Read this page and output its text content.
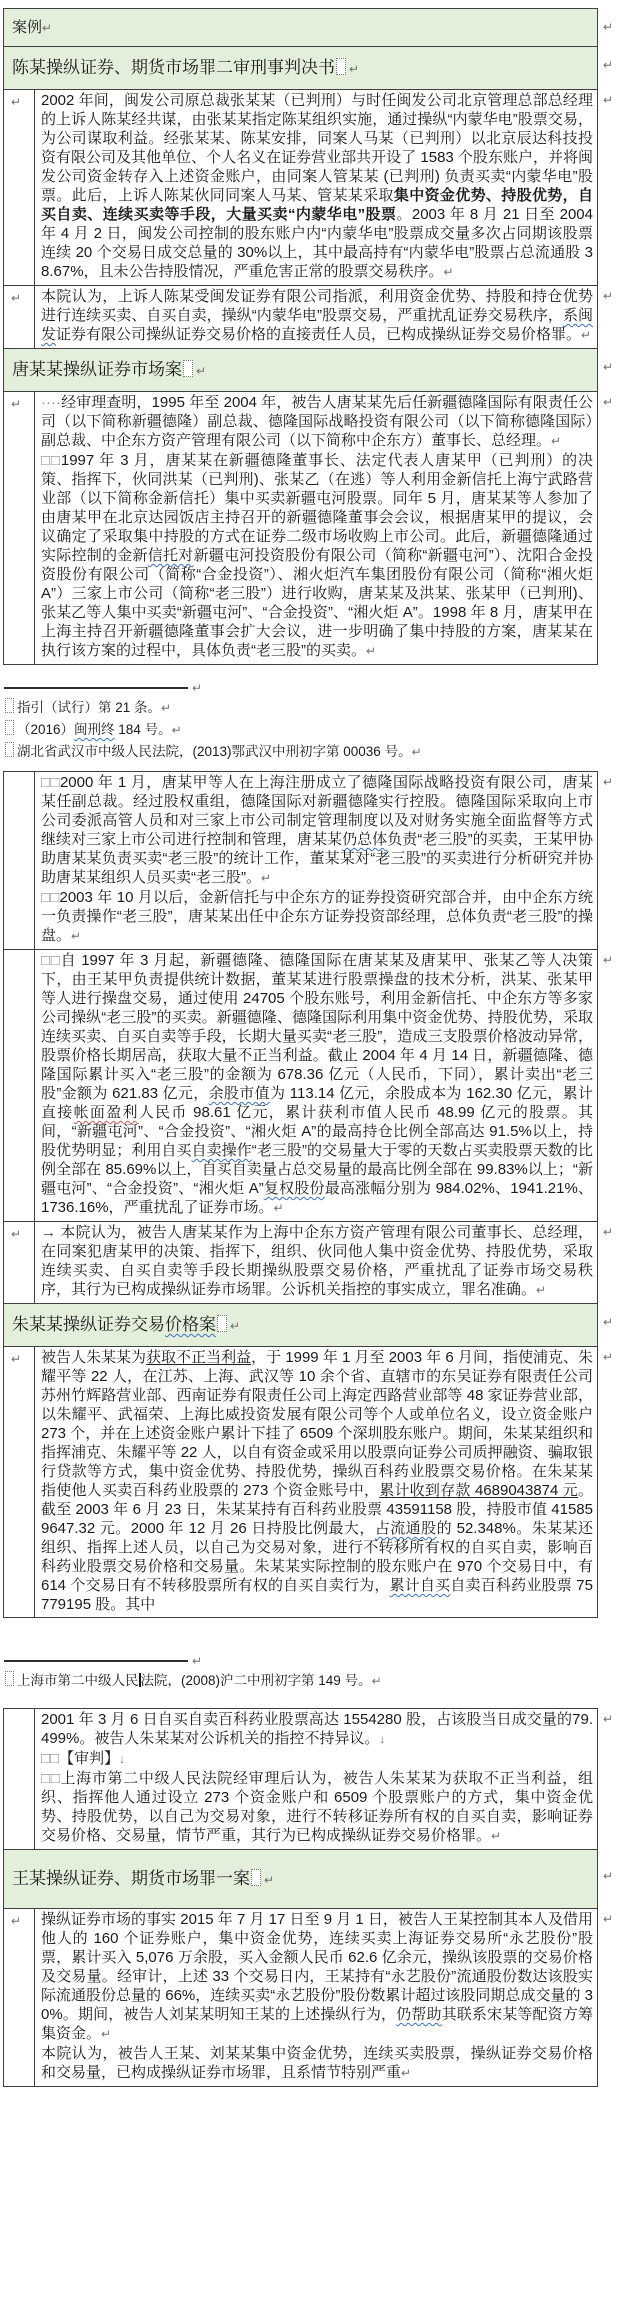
案例↵	↵
陈某操纵证券、期货市场罪二审刑事判决书 ↵	↵
↵	2002 年间，闽发公司原总裁张某某（已判刑）与时任闽发公司北京管理总部总经理的上诉人陈某经共谋，由张某某指定陈某组织实施，通过操纵“内蒙华电”股票交易，为公司谋取利益。经张某某、陈某安排，同案人马某（已判刑）以北京辰达科技投资有限公司及其他单位、个人名义在证券营业部共开设了 1583 个股东账户，并将闽发公司资金转存入上述资金账户，由同案人管某某 (已判刑) 负责买卖“内蒙华电”股票。此后，上诉人陈某伙同同案人马某、管某某采取集中资金优势、持股优势，自买自卖、连续买卖等手段，大量买卖“内蒙华电”股票。2003 年 8 月 21 日至 2004 年 4 月 2 日，闽发公司控制的股东账户内“内蒙华电”股票成交量多次占同期该股票连续 20 个交易日成交总量的 30%以上，其中最高持有“内蒙华电”股票占总流通股 38.67%，且未公告持股情况，严重危害正常的股票交易秩序。↵
↵
↵	本院认为，上诉人陈某受闽发证券有限公司指派，利用资金优势、持股和持仓优势进行连续买卖、自买自卖，操纵“内蒙华电”股票交易，严重扰乱证券交易秩序，系闽发证券有限公司操纵证券交易价格的直接责任人员，已构成操纵证券交易价格罪。↵
↵
唐某某操纵证券市场案 ↵	↵
↵	····经审理查明，1995 年至 2004 年，被告人唐某某先后任新疆德隆国际有限责任公司（以下简称新疆德隆）副总裁、德隆国际战略投资有限公司（以下简称德隆国际）副总裁、中企东方资产管理有限公司（以下简称中企东方）董事长、总经理。↵
□□1997 年 3 月，唐某某在新疆德隆董事长、法定代表人唐某甲（已判刑）的决策、指挥下，伙同洪某（已判刑)、张某乙（在逃）等人利用金新信托上海宁武路营业部（以下简称金新信托）集中买卖新疆屯河股票。同年 5 月，唐某某等人参加了由唐某甲在北京达园饭店主持召开的新疆德隆董事会会议，根据唐某甲的提议，会议确定了采取集中持股的方式在证券二级市场收购上市公司。此后，新疆德隆通过实际控制的金新信托对新疆屯河投资股份有限公司（简称“新疆屯河”）、沈阳合金投资股份有限公司（简称“合金投资”）、湘火炬汽车集团股份有限公司（简称“湘火炬 A”）三家上市公司（简称“老三股”）进行收购，唐某某及洪某、张某甲（已判刑)、张某乙等人集中买卖“新疆屯河”、“合金投资”、“湘火炬 A”。1998 年 8 月，唐某甲在上海主持召开新疆德隆董事会扩大会议，进一步明确了集中持股的方案，唐某某在执行该方案的过程中，具体负责“老三股”的买卖。↵
↵
↵
指引（试行）第 21 条。↵
（2016）闽刑终 184 号。↵
湖北省武汉市中级人民法院，(2013)鄂武汉中刑初字第 00036 号。↵
□□2000 年 1 月，唐某甲等人在上海注册成立了德隆国际战略投资有限公司，唐某某任副总裁。经过股权重组，德隆国际对新疆德隆实行控股。德隆国际采取向上市公司委派高管人员和对三家上市公司制定管理制度以及对财务实施全面监督等方式继续对三家上市公司进行控制和管理，唐某某仍总体负责“老三股”的买卖，王某甲协助唐某某负责买卖“老三股”的统计工作，董某某对“老三股”的买卖进行分析研究并协助唐某某组织人员买卖“老三股”。↵
□□2003 年 10 月以后，金新信托与中企东方的证券投资研究部合并，由中企东方统一负责操作“老三股”，唐某某出任中企东方证券投资部经理，总体负责“老三股”的操盘。↵
↵
□□自 1997 年 3 月起，新疆德隆、德隆国际在唐某某及唐某甲、张某乙等人决策下，由王某甲负责提供统计数据，董某某进行股票操盘的技术分析，洪某、张某甲等人进行操盘交易，通过使用 24705 个股东账号，利用金新信托、中企东方等多家公司操纵“老三股”的买卖。新疆德隆、德隆国际利用集中资金优势、持股优势，采取连续买卖、自买自卖等手段，长期大量买卖“老三股”，造成三支股票价格波动异常，股票价格长期居高，获取大量不正当利益。截止 2004 年 4 月 14 日，新疆德隆、德隆国际累计买入“老三股”的金额为 678.36 亿元（人民币，下同），累计卖出“老三股”金额为 621.83 亿元，余股市值为 113.14 亿元，余股成本为 162.30 亿元，累计直接帐面盈利人民币 98.61 亿元，累计获利市值人民币 48.99 亿元的股票。其间，“新疆屯河”、“合金投资”、“湘火炬 A”的最高持仓比例全部高达 91.5%以上，持股优势明显；利用自买自卖操作“老三股”的交易量大于零的天数占买卖股票天数的比例全部在 85.69%以上，自买自卖量占总交易量的最高比例全部在 99.83%以上；“新疆屯河”、“合金投资”、“湘火炬 A”复权股份最高涨幅分别为 984.02%、1941.21%、1736.16%，严重扰乱了证券市场。↵
↵
↵	→ 本院认为，被告人唐某某作为上海中企东方资产管理有限公司董事长、总经理，在同案犯唐某甲的决策、指挥下，组织、伙同他人集中资金优势、持股优势，采取连续买卖、自买自卖等手段长期操纵股票交易价格，严重扰乱了证券市场交易秩序，其行为已构成操纵证券市场罪。公诉机关指控的事实成立，罪名准确。↵
↵
朱某某操纵证券交易价格案 ↵	↵
↵	被告人朱某某为获取不正当利益，于 1999 年 1 月至 2003 年 6 月间，指使浦克、朱耀平等 22 人，在江苏、上海、武汉等 10 余个省、直辖市的东吴证券有限责任公司苏州竹辉路营业部、西南证券有限责任公司上海定西路营业部等 48 家证券营业部，以朱耀平、武福荣、上海比威投资发展有限公司等个人或单位名义，设立资金账户 273 个，并在上述资金账户累计下挂了 6509 个深圳股东账户。期间，朱某某组织和指挥浦克、朱耀平等 22 人，以自有资金或采用以股票向证券公司质押融资、骗取银行贷款等方式，集中资金优势、持股优势，操纵百科药业股票交易价格。在朱某某指使他人买卖百科药业股票的 273 个资金账号中，累计收到存款 4689043874 元。截至 2003 年 6 月 23 日，朱某某持有百科药业股票 43591158 股，持股市值 415859647.32 元。2000 年 12 月 26 日持股比例最大，占流通股的 52.348%。朱某某还组织、指挥上述人员，以自己为交易对象，进行不转移所有权的自买自卖，影响百科药业股票交易价格和交易量。朱某某实际控制的股东账户在 970 个交易日中，有 614 个交易日有不转移股票所有权的自买自卖行为，累计自买自卖百科药业股票 75779195 股。其中
↵
↵
上海市第二中级人民 法院，(2008)沪二中刑初字第 149 号。↵
2001 年 3 月 6 日自买自卖百科药业股票高达 1554280 股，占该股当日成交量的79.499%。被告人朱某某对公诉机关的指控不持异议。↓
□□【审判】↓
□□上海市第二中级人民法院经审理后认为，被告人朱某某为获取不正当利益，组织、指挥他人通过设立 273 个资金账户和 6509 个股票账户的方式，集中资金优势、持股优势，以自己为交易对象，进行不转移证券所有权的自买自卖，影响证券交易价格、交易量，情节严重，其行为已构成操纵证券交易价格罪。↵
↵
王某操纵证券、期货市场罪一案 ↵	↵
↵	操纵证券市场的事实 2015 年 7 月 17 日至 9 月 1 日，被告人王某控制其本人及借用他人的 160 个证券账户，集中资金优势，连续买卖上海证券交易所“永艺股份”股票，累计买入 5,076 万余股，买入金额人民币 62.6 亿余元，操纵该股票的交易价格及交易量。经审计，上述 33 个交易日内，王某持有“永艺股份”流通股份数达该股实际流通股份总量的 66%，连续买卖“永艺股份”股份数累计超过该股同期总成交量的 30%。期间，被告人刘某某明知王某的上述操纵行为，仍帮助其联系宋某等配资方筹集资金。↵
本院认为，被告人王某、刘某某集中资金优势，连续买卖股票，操纵证券交易价格和交易量，已构成操纵证券市场罪，且系情节特别严重↵
↵
